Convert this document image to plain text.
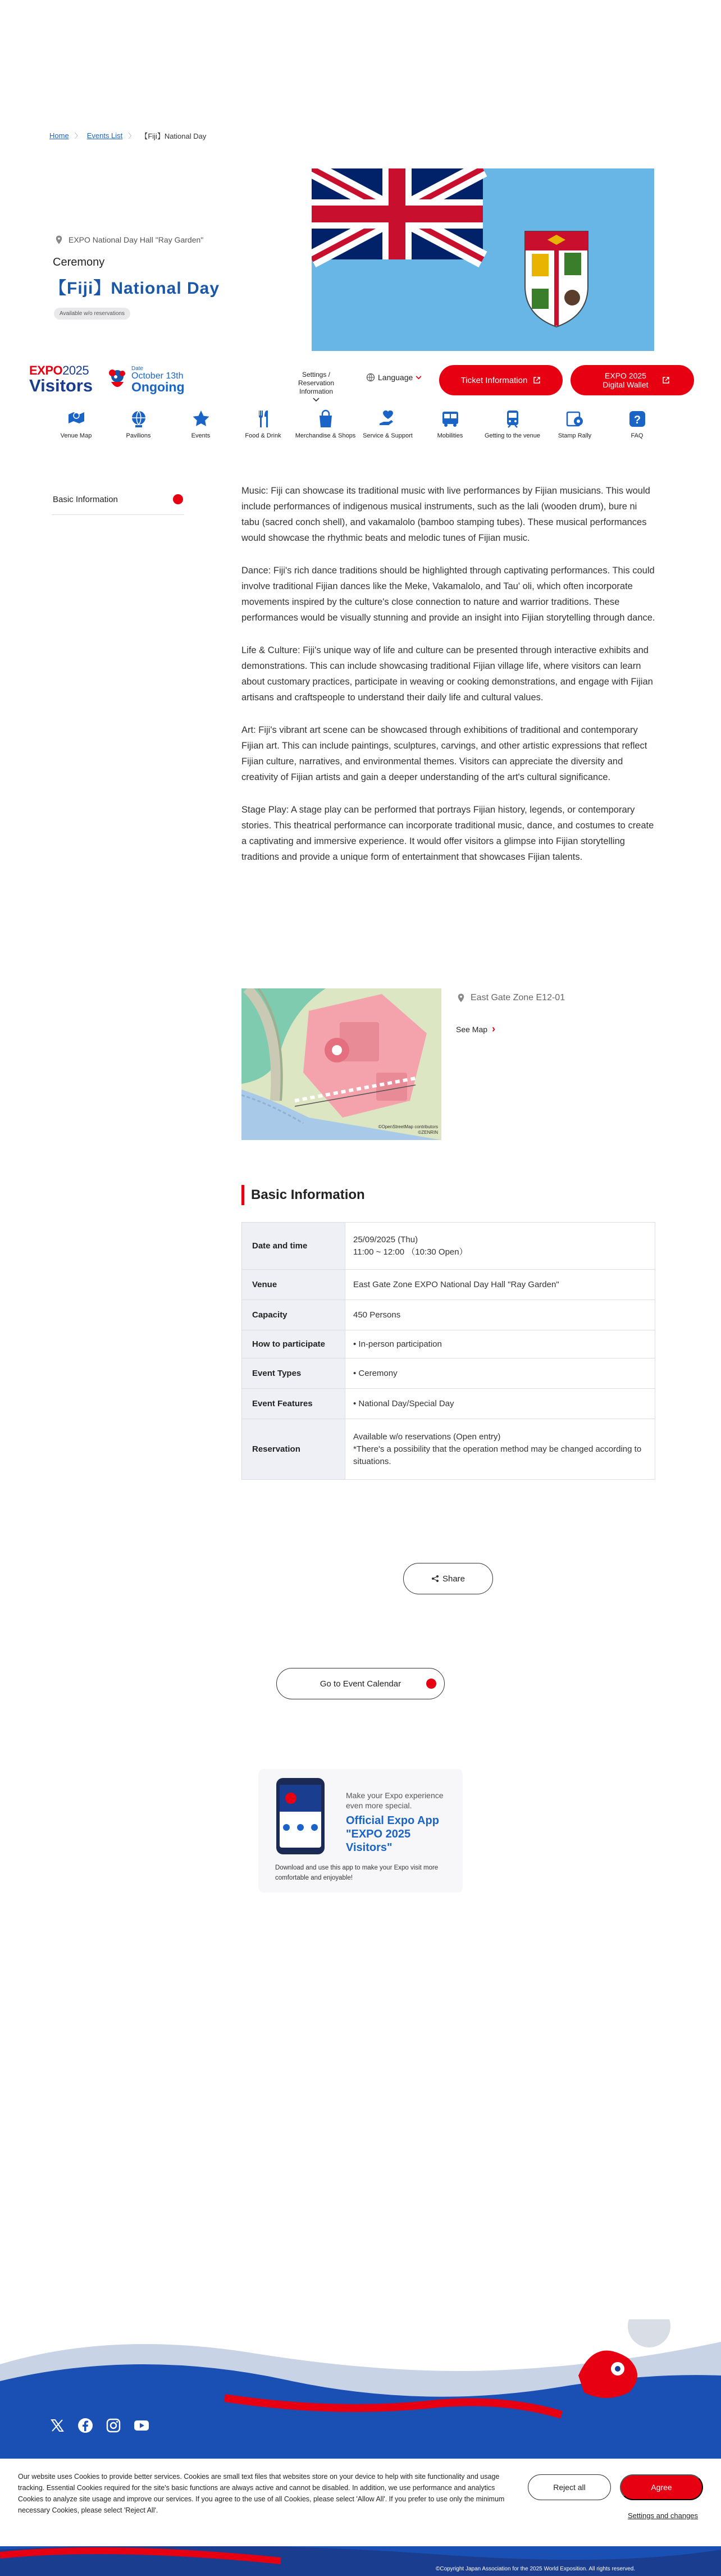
Home 〉 Events List 〉 【Fiji】National Day
EXPO National Day Hall "Ray Garden"
Ceremony
【Fiji】National Day
Available w/o reservations
EXPO2025
Visitors
Date
October 13th
Ongoing
Settings / Reservation Information
Language	Ticket Information	EXPO 2025 Digital Wallet
Venue Map	Pavilions	Events	Food & Drink	Merchandise & Shops	Service & Support	Mobilities	Getting to the venue	Stamp Rally
?
FAQ
Basic Information

Music: Fiji can showcase its traditional music with live performances by Fijian musicians. This would include performances of indigenous musical instruments, such as the lali (wooden drum), bure ni tabu (sacred conch shell), and vakamalolo (bamboo stamping tubes). These musical performances would showcase the rhythmic beats and melodic tunes of Fijian music.

Dance: Fiji's rich dance traditions should be highlighted through captivating performances. This could involve traditional Fijian dances like the Meke, Vakamalolo, and Tau' oli, which often incorporate movements inspired by the culture's close connection to nature and warrior traditions. These performances would be visually stunning and provide an insight into Fijian storytelling through dance.

Life & Culture: Fiji's unique way of life and culture can be presented through interactive exhibits and demonstrations. This can include showcasing traditional Fijian village life, where visitors can learn about customary practices, participate in weaving or cooking demonstrations, and engage with Fijian artisans and craftspeople to understand their daily life and cultural values.

Art: Fiji's vibrant art scene can be showcased through exhibitions of traditional and contemporary Fijian art. This can include paintings, sculptures, carvings, and other artistic expressions that reflect Fijian culture, narratives, and environmental themes. Visitors can appreciate the diversity and creativity of Fijian artists and gain a deeper understanding of the art's cultural significance.

Stage Play: A stage play can be performed that portrays Fijian history, legends, or contemporary stories. This theatrical performance can incorporate traditional music, dance, and costumes to create a captivating and immersive experience. It would offer visitors a glimpse into Fijian storytelling traditions and provide a unique form of entertainment that showcases Fijian talents.

©OpenStreetMap contributors
©ZENRIN
East Gate Zone E12-01
See Map ›
Basic Information
Date and time	25/09/2025 (Thu)
11:00 ~ 12:00 （10:30 Open）

Venue	East Gate Zone EXPO National Day Hall "Ray Garden"
Capacity	450 Persons
How to participate	• In-person participation
Event Types	• Ceremony
Event Features	• National Day/Special Day
Reservation	Available w/o reservations (Open entry)
*There's a possibility that the operation method may be changed according to situations.
Share
Go to Event Calendar
Make your Expo experience even more special.
Official Expo App "EXPO 2025 Visitors"
Download and use this app to make your Expo visit more comfortable and enjoyable!

Our website uses Cookies to provide better services. Cookies are small text files that websites store on your device to help with site functionality and usage tracking. Essential Cookies required for the site's basic functions are always active and cannot be disabled. In addition, we use performance and analytics Cookies to analyze site usage and improve our services. If you agree to the use of all Cookies, please select 'Allow All'. If you prefer to use only the minimum necessary Cookies, please select 'Reject All'.

Reject all	Agree
Settings and changes
©Copyright Japan Association for the 2025 World Exposition. All rights reserved.
